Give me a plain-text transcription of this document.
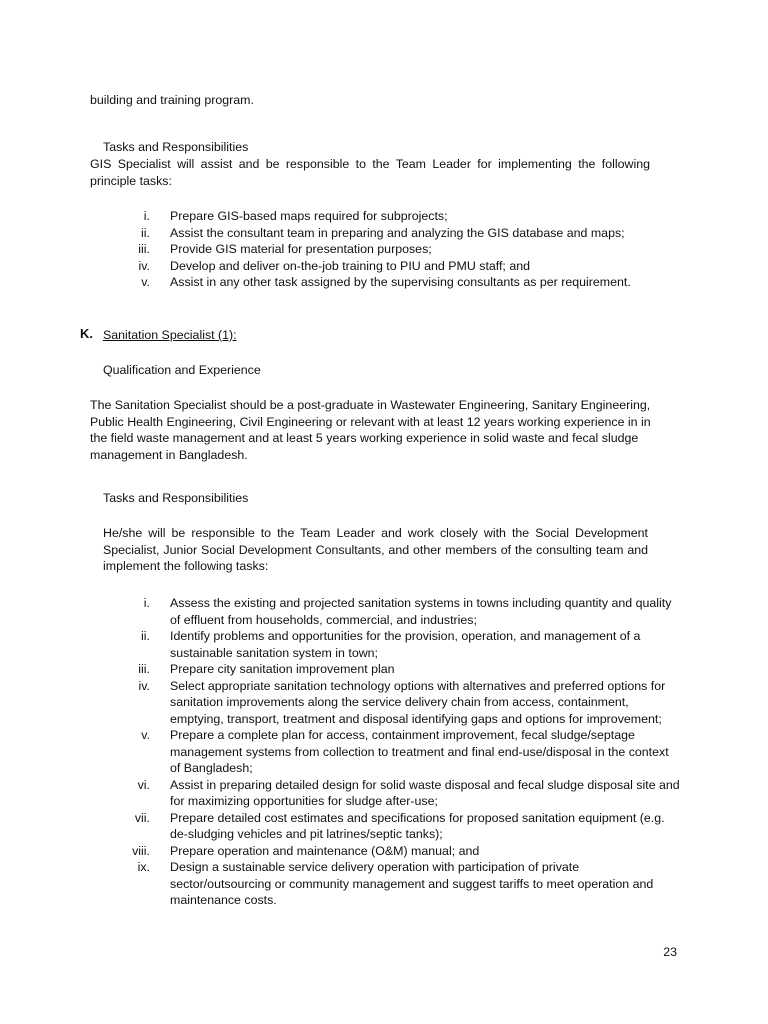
building and training program.
Tasks and Responsibilities
GIS Specialist will assist and be responsible to the Team Leader for implementing the following principle tasks:
i. Prepare GIS-based maps required for subprojects;
ii. Assist the consultant team in preparing and analyzing the GIS database and maps;
iii. Provide GIS material for presentation purposes;
iv. Develop and deliver on-the-job training to PIU and PMU staff; and
v. Assist in any other task assigned by the supervising consultants as per requirement.
K. Sanitation Specialist (1):
Qualification and Experience
The Sanitation Specialist should be a post-graduate in Wastewater Engineering, Sanitary Engineering, Public Health Engineering, Civil Engineering or relevant with at least 12 years working experience in in the field waste management and at least 5 years working experience in solid waste and fecal sludge management in Bangladesh.
Tasks and Responsibilities
He/she will be responsible to the Team Leader and work closely with the Social Development Specialist, Junior Social Development Consultants, and other members of the consulting team and implement the following tasks:
i. Assess the existing and projected sanitation systems in towns including quantity and quality of effluent from households, commercial, and industries;
ii. Identify problems and opportunities for the provision, operation, and management of a sustainable sanitation system in town;
iii. Prepare city sanitation improvement plan
iv. Select appropriate sanitation technology options with alternatives and preferred options for sanitation improvements along the service delivery chain from access, containment, emptying, transport, treatment and disposal identifying gaps and options for improvement;
v. Prepare a complete plan for access, containment improvement, fecal sludge/septage management systems from collection to treatment and final end-use/disposal in the context of Bangladesh;
vi. Assist in preparing detailed design for solid waste disposal and fecal sludge disposal site and for maximizing opportunities for sludge after-use;
vii. Prepare detailed cost estimates and specifications for proposed sanitation equipment (e.g. de-sludging vehicles and pit latrines/septic tanks);
viii. Prepare operation and maintenance (O&M) manual; and
ix. Design a sustainable service delivery operation with participation of private sector/outsourcing or community management and suggest tariffs to meet operation and maintenance costs.
23
